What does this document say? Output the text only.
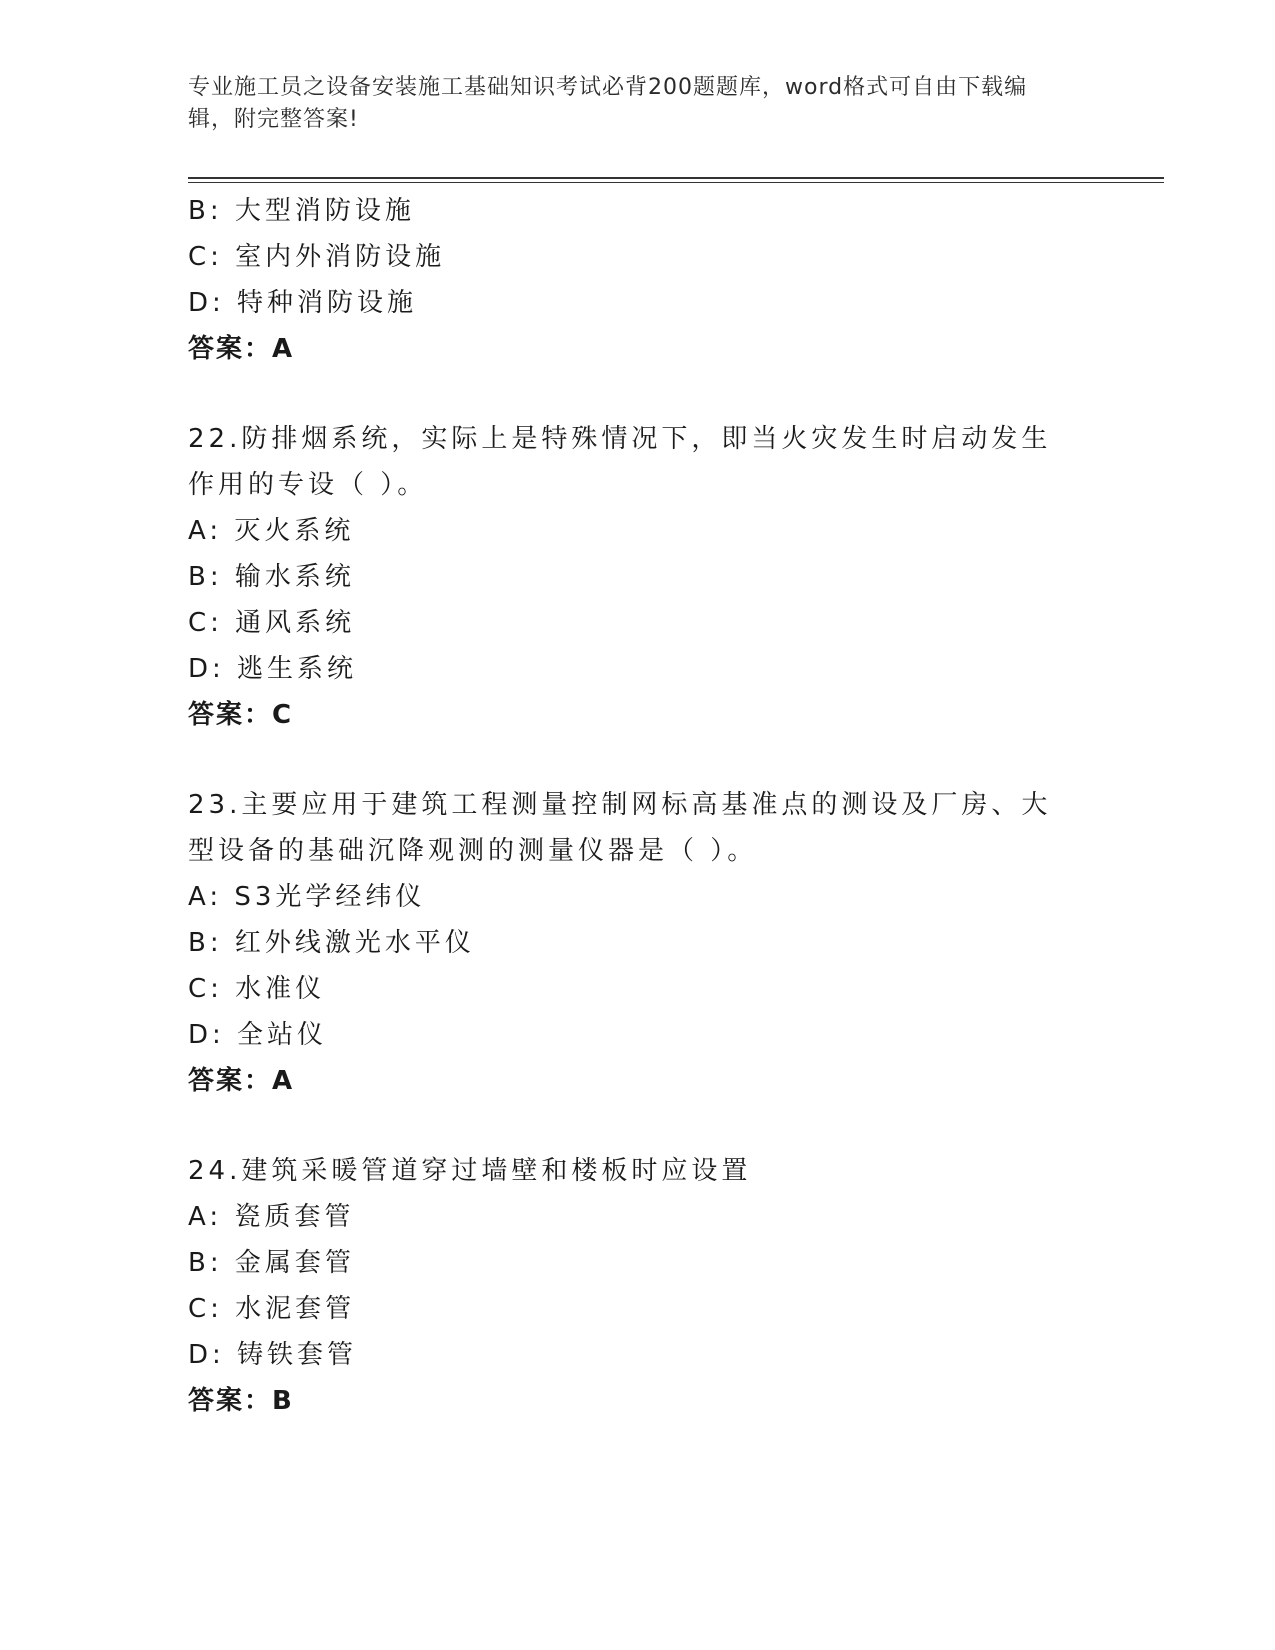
专业施工员之设备安装施工基础知识考试必背200题题库，word格式可自由下载编辑，附完整答案!
B: 大型消防设施
C: 室内外消防设施
D: 特种消防设施
答案：A
22.防排烟系统，实际上是特殊情况下，即当火灾发生时启动发生作用的专设（ ）。
A: 灭火系统
B: 输水系统
C: 通风系统
D: 逃生系统
答案：C
23.主要应用于建筑工程测量控制网标高基准点的测设及厂房、大型设备的基础沉降观测的测量仪器是（ ）。
A: S3光学经纬仪
B: 红外线激光水平仪
C: 水准仪
D: 全站仪
答案：A
24.建筑采暖管道穿过墙壁和楼板时应设置
A: 瓷质套管
B: 金属套管
C: 水泥套管
D: 铸铁套管
答案：B
